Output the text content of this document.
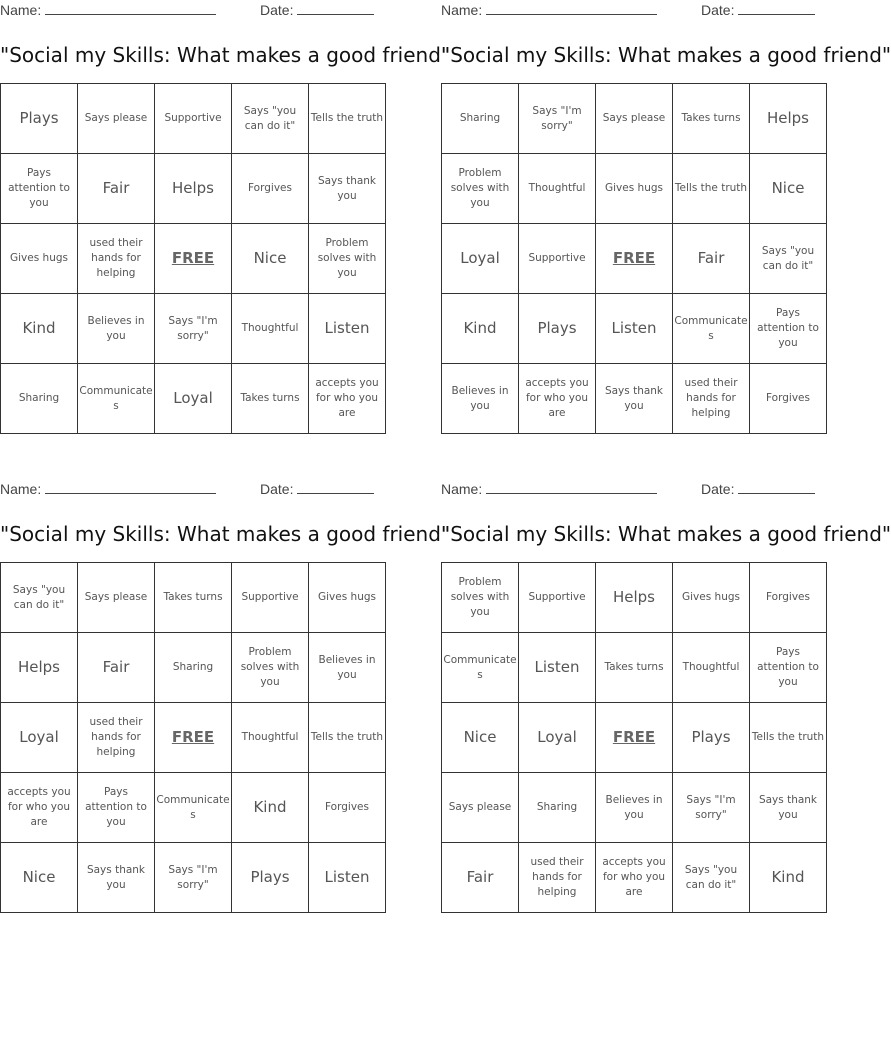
Name:	Date:
"Social my Skills: What makes a good friend"
Plays	Says please	Supportive	Says "you can do it"	Tells the truth
Pays attention to you	Fair	Helps	Forgives	Says thank you
Gives hugs	used their hands for helping	FREE	Nice	Problem solves with you
Kind	Believes in you	Says "I'm sorry"	Thoughtful	Listen
Sharing	Communicates	Loyal	Takes turns	accepts you for who you are
Name:	Date:
"Social my Skills: What makes a good friend"
Sharing	Says "I'm sorry"	Says please	Takes turns	Helps
Problem solves with you	Thoughtful	Gives hugs	Tells the truth	Nice
Loyal	Supportive	FREE	Fair	Says "you can do it"
Kind	Plays	Listen	Communicates	Pays attention to you
Believes in you	accepts you for who you are	Says thank you	used their hands for helping	Forgives
Name:	Date:
"Social my Skills: What makes a good friend"
Says "you can do it"	Says please	Takes turns	Supportive	Gives hugs
Helps	Fair	Sharing	Problem solves with you	Believes in you
Loyal	used their hands for helping	FREE	Thoughtful	Tells the truth
accepts you for who you are	Pays attention to you	Communicates	Kind	Forgives
Nice	Says thank you	Says "I'm sorry"	Plays	Listen
Name:	Date:
"Social my Skills: What makes a good friend"
Problem solves with you	Supportive	Helps	Gives hugs	Forgives
Communicates	Listen	Takes turns	Thoughtful	Pays attention to you
Nice	Loyal	FREE	Plays	Tells the truth
Says please	Sharing	Believes in you	Says "I'm sorry"	Says thank you
Fair	used their hands for helping	accepts you for who you are	Says "you can do it"	Kind
